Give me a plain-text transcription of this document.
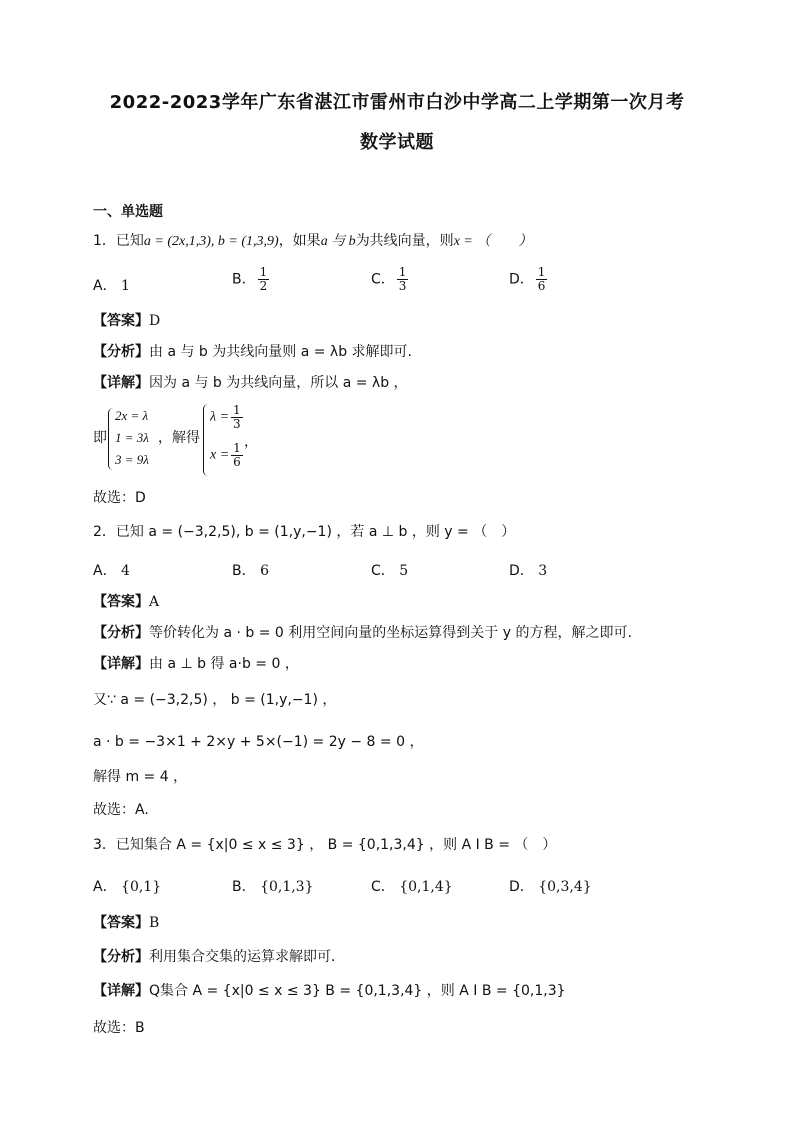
2022-2023学年广东省湛江市雷州市白沙中学高二上学期第一次月考
数学试题
一、单选题
1．已知a = (2x,1,3), b = (1,3,9)，如果a 与 b为共线向量，则x = （　　）
A． 1	B． $\frac{1}{2}$	C． $\frac{1}{3}$	D． $\frac{1}{6}$
【答案】D
【分析】由 a 与 b 为共线向量则 a = λb 求解即可.
【详解】因为 a 与 b 为共线向量，所以 a = λb ，
即
2x = λ
1 = 3λ
3 = 9λ
，解得
$\lambda = \frac{1}{3}$
$x = \frac{1}{6}$ ，
故选：D
2．已知 a = (−3,2,5), b = (1,y,−1) ，若 a ⊥ b ，则 y = （　）
A． 4	B． 6	C． 5	D． 3
【答案】A
【分析】等价转化为 a · b = 0 利用空间向量的坐标运算得到关于 y 的方程，解之即可.
【详解】由 a ⊥ b 得 a·b = 0 ，
又∵ a = (−3,2,5) ， b = (1,y,−1) ，
a · b = −3×1 + 2×y + 5×(−1) = 2y − 8 = 0 ，
解得 m = 4 ，
故选：A.
3．已知集合 A = {x|0 ≤ x ≤ 3} ， B = {0,1,3,4} ，则 A I B = （　）
A． {0,1}	B． {0,1,3}	C． {0,1,4}	D． {0,3,4}
【答案】B
【分析】利用集合交集的运算求解即可．
【详解】Q集合 A = {x|0 ≤ x ≤ 3} B = {0,1,3,4} ，则 A I B = {0,1,3}
故选：B
